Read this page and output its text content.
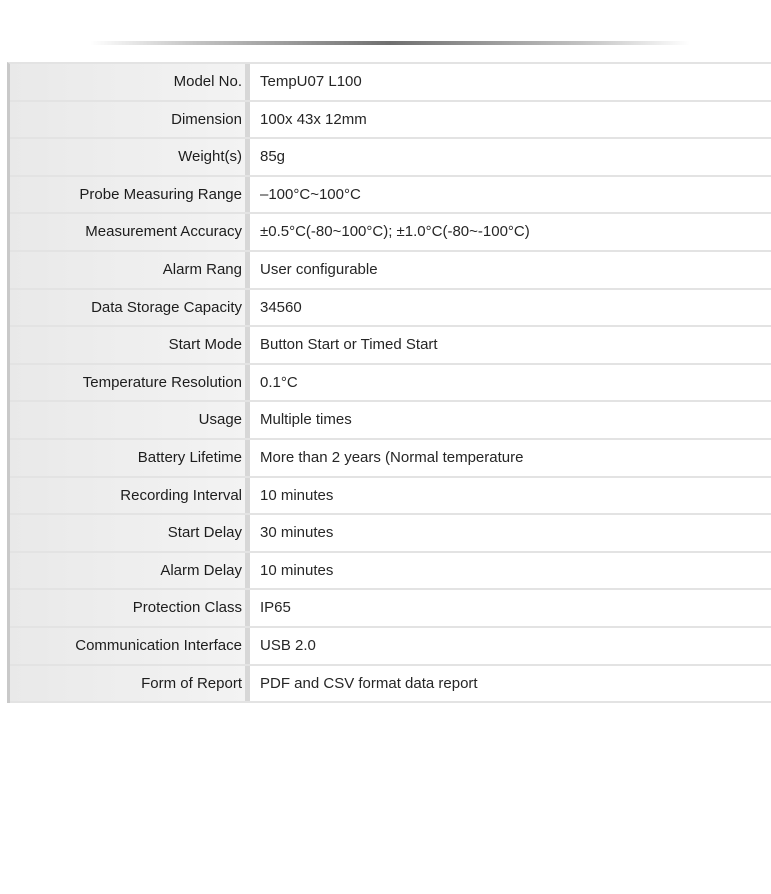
Model No.	TempU07 L100
Dimension	100x 43x 12mm
Weight(s)	85g
Probe Measuring Range	–100°C~100°C
Measurement Accuracy	±0.5°C(-80~100°C); ±1.0°C(-80~-100°C)
Alarm Rang	User configurable
Data Storage Capacity	34560
Start Mode	Button Start or Timed Start
Temperature Resolution	0.1°C
Usage	Multiple times
Battery Lifetime	More than 2 years (Normal temperature
Recording Interval	10 minutes
Start Delay	30 minutes
Alarm Delay	10 minutes
Protection Class	IP65
Communication Interface	USB 2.0
Form of Report	PDF and CSV format data report
